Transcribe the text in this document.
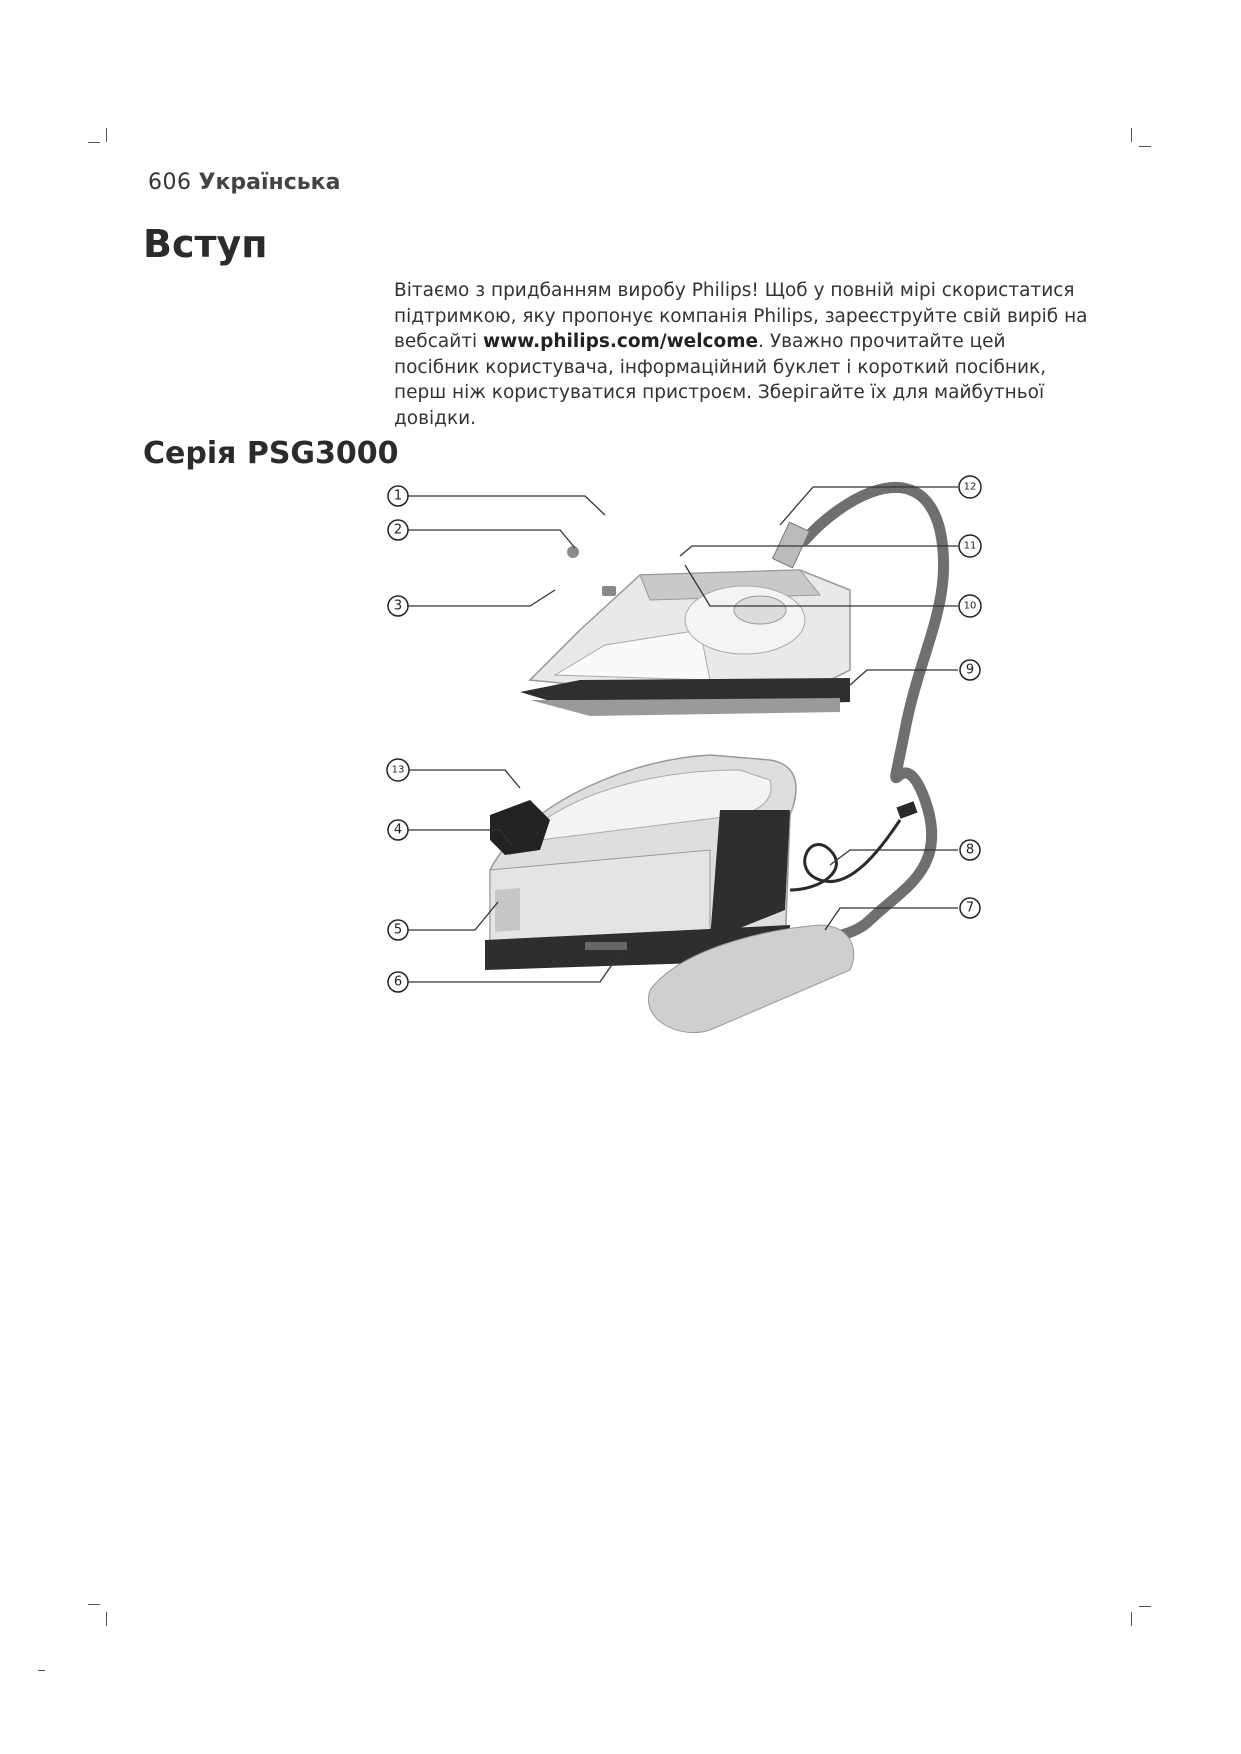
606 Українська
Вступ

Вітаємо з придбанням виробу Philips! Щоб у повній мірі скористатися підтримкою, яку пропонує компанія Philips, зареєструйте свій виріб на вебсайті www.philips.com/welcome. Уважно прочитайте цей посібник користувача, інформаційний буклет і короткий посібник, перш ніж користуватися пристроєм. Зберігайте їх для майбутньої довідки.

Серія PSG3000
1
2
3
13
4
5
6
12
11
10
9
8
7
